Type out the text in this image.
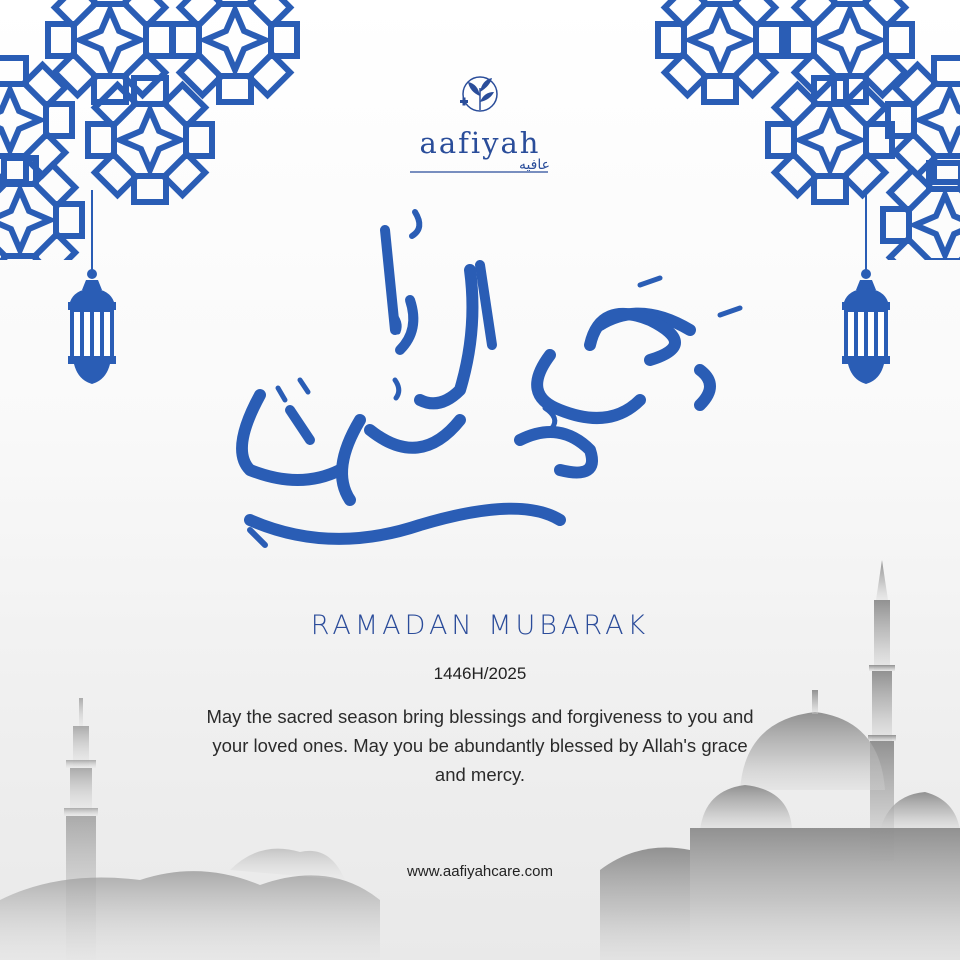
aafiyah
عافيه
RAMADAN MUBARAK
1446H/2025
May the sacred season bring blessings and forgiveness to you and your loved ones. May you be abundantly blessed by Allah's grace and mercy.
www.aafiyahcare.com
